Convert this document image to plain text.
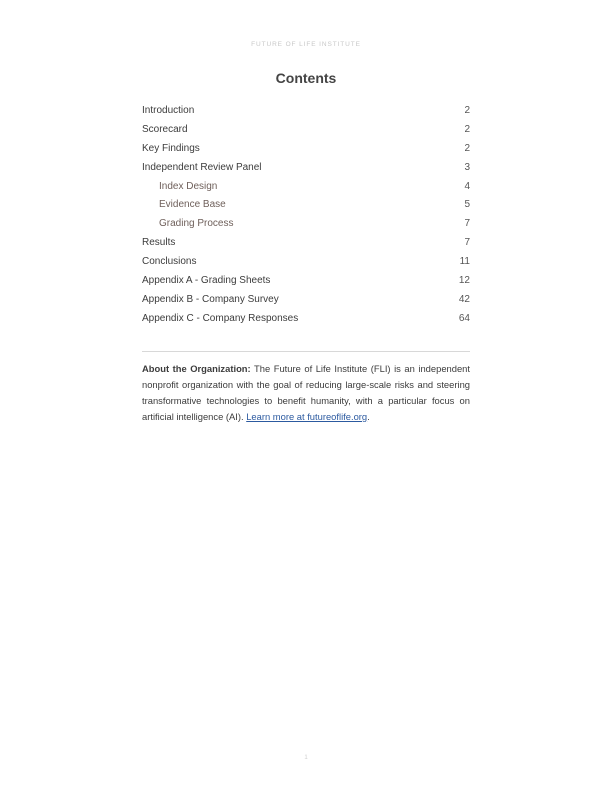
FUTURE OF LIFE INSTITUTE
Contents
Introduction	2
Scorecard	2
Key Findings	2
Independent Review Panel	3
Index Design	4
Evidence Base	5
Grading Process	7
Results	7
Conclusions	11
Appendix A - Grading Sheets	12
Appendix B - Company Survey	42
Appendix C - Company Responses	64
About the Organization: The Future of Life Institute (FLI) is an independent nonprofit organization with the goal of reducing large-scale risks and steering transformative technologies to benefit humanity, with a particular focus on artificial intelligence (AI). Learn more at futureoflife.org.
1
